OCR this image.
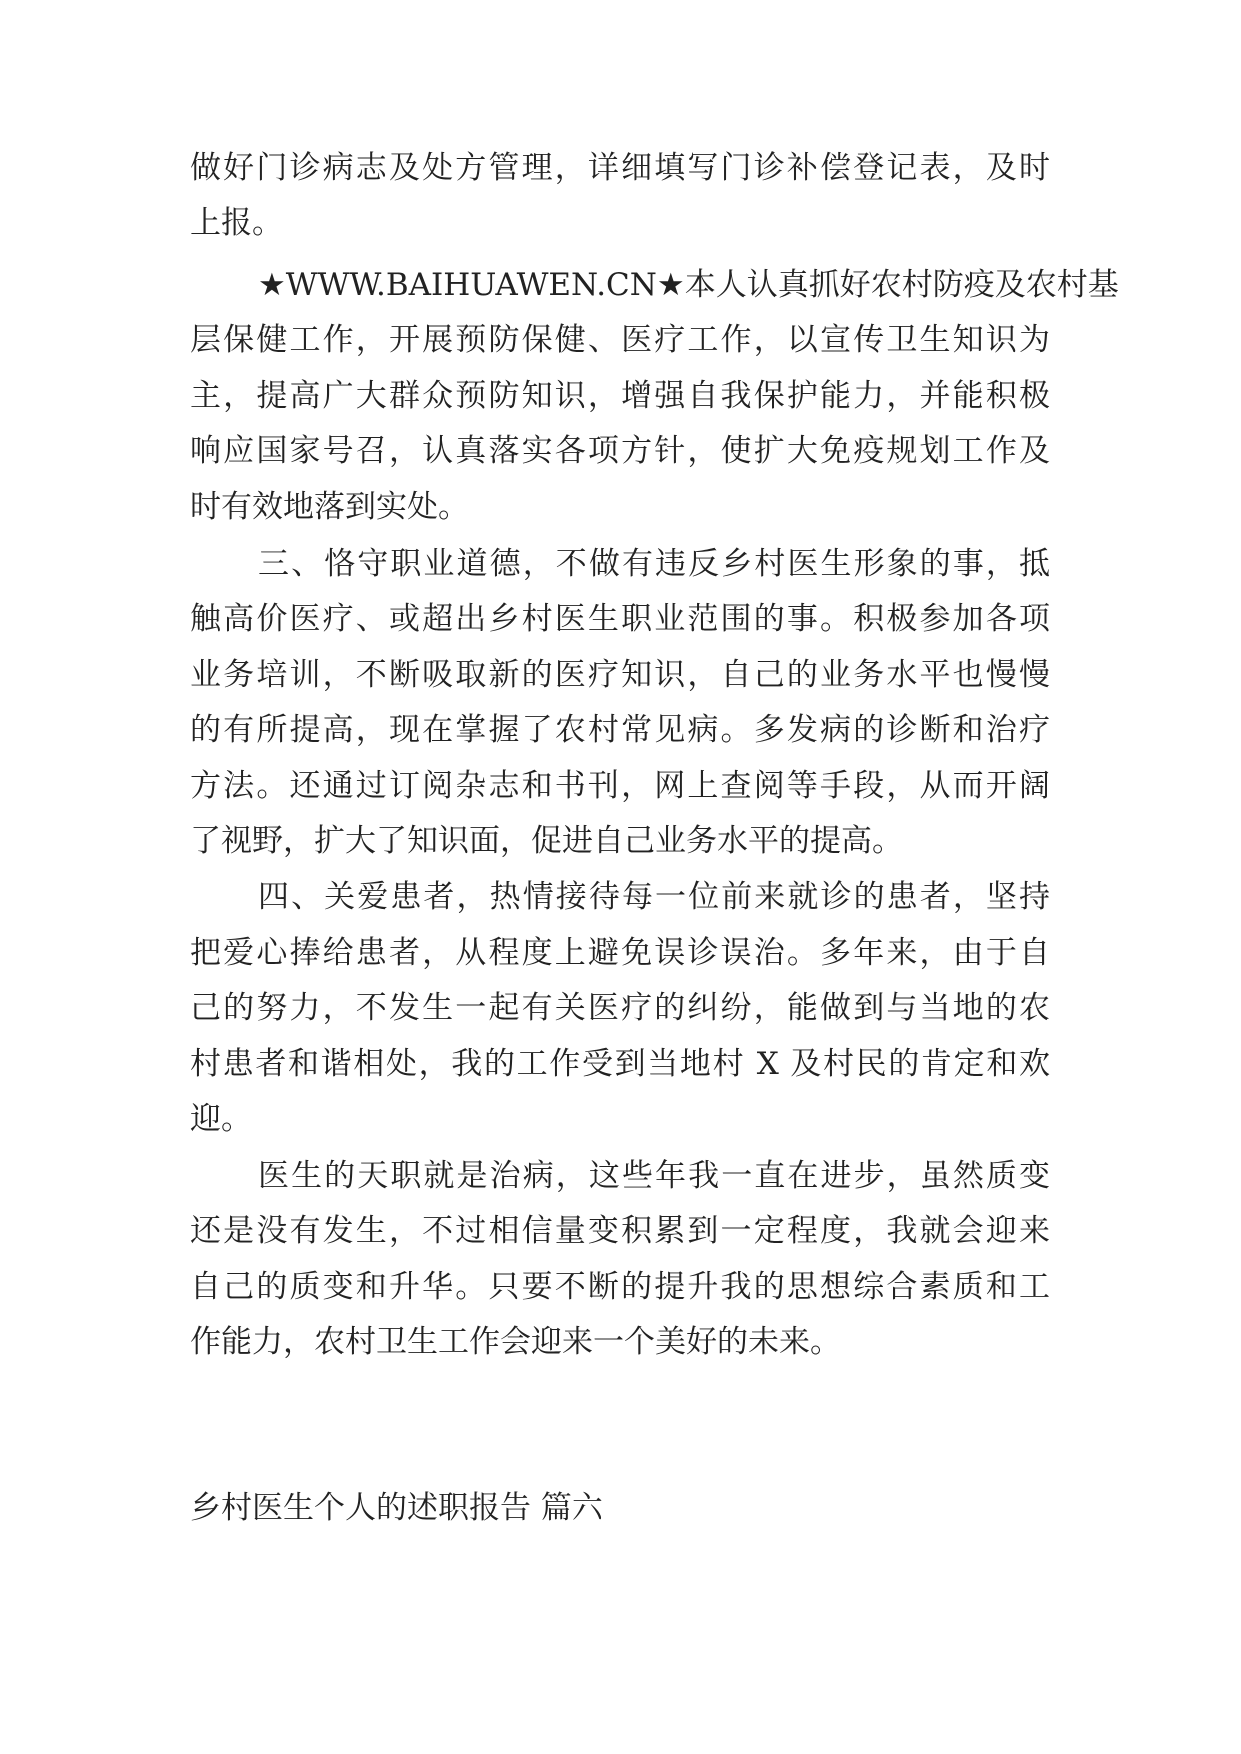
做好门诊病志及处方管理，详细填写门诊补偿登记表，及时
上报。
★WWW.BAIHUAWEN.CN★本人认真抓好农村防疫及农村基
层保健工作，开展预防保健、医疗工作，以宣传卫生知识为
主，提高广大群众预防知识，增强自我保护能力，并能积极
响应国家号召，认真落实各项方针，使扩大免疫规划工作及
时有效地落到实处。
三、恪守职业道德，不做有违反乡村医生形象的事，抵
触高价医疗、或超出乡村医生职业范围的事。积极参加各项
业务培训，不断吸取新的医疗知识，自己的业务水平也慢慢
的有所提高，现在掌握了农村常见病。多发病的诊断和治疗
方法。还通过订阅杂志和书刊，网上查阅等手段，从而开阔
了视野，扩大了知识面，促进自己业务水平的提高。
四、关爱患者，热情接待每一位前来就诊的患者，坚持
把爱心捧给患者，从程度上避免误诊误治。多年来，由于自
己的努力，不发生一起有关医疗的纠纷，能做到与当地的农
村患者和谐相处，我的工作受到当地村 X 及村民的肯定和欢
迎。
医生的天职就是治病，这些年我一直在进步，虽然质变
还是没有发生，不过相信量变积累到一定程度，我就会迎来
自己的质变和升华。只要不断的提升我的思想综合素质和工
作能力，农村卫生工作会迎来一个美好的未来。
乡村医生个人的述职报告 篇六
